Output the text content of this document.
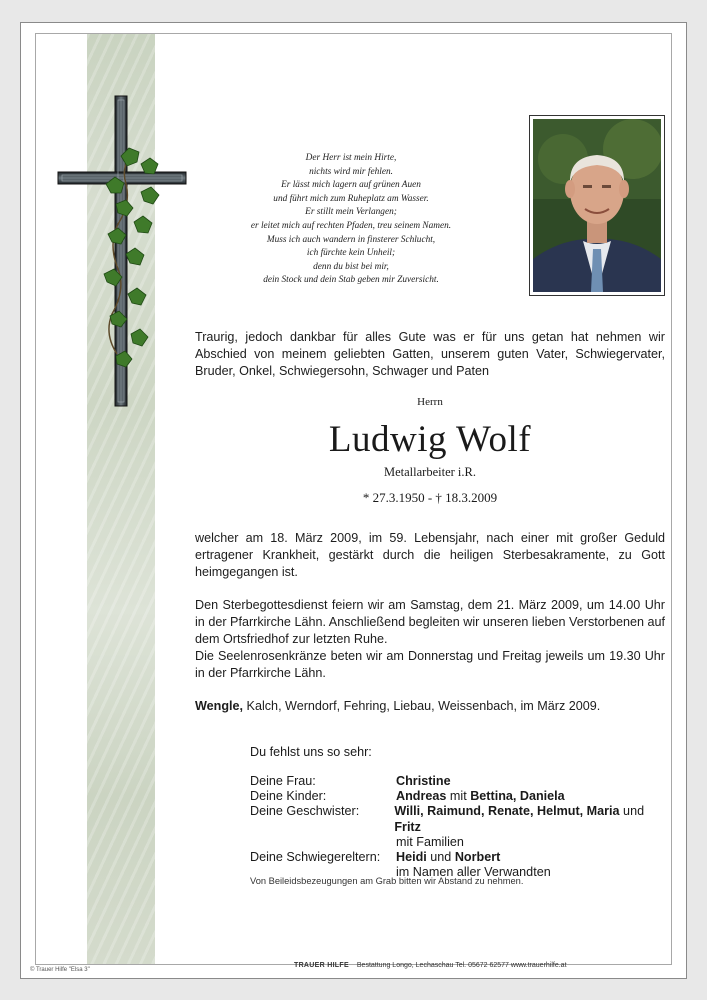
Der Herr ist mein Hirte,
nichts wird mir fehlen.
Er lässt mich lagern auf grünen Auen
und führt mich zum Ruheplatz am Wasser.
Er stillt mein Verlangen;
er leitet mich auf rechten Pfaden, treu seinem Namen.
Muss ich auch wandern in finsterer Schlucht,
ich fürchte kein Unheil;
denn du bist bei mir,
dein Stock und dein Stab geben mir Zuversicht.
Traurig, jedoch dankbar für alles Gute was er für uns getan hat nehmen wir Abschied von meinem geliebten Gatten, unserem guten Vater, Schwiegervater, Bruder, Onkel, Schwiegersohn, Schwager und Paten
Herrn
Ludwig Wolf
Metallarbeiter i.R.
* 27.3.1950 - † 18.3.2009
welcher am 18. März 2009, im 59. Lebensjahr, nach einer mit großer Geduld ertragener Krankheit, gestärkt durch die heiligen Sterbesakramente, zu Gott heimgegangen ist.
Den Sterbegottesdienst feiern wir am Samstag, dem 21. März 2009, um 14.00 Uhr in der Pfarrkirche Lähn. Anschließend begleiten wir unseren lieben Verstorbenen auf dem Ortsfriedhof zur letzten Ruhe.
Die Seelenrosenkränze beten wir am Donnerstag und Freitag jeweils um 19.30 Uhr in der Pfarrkirche Lähn.
Wengle, Kalch, Werndorf, Fehring, Liebau, Weissenbach, im März 2009.
Du fehlst uns so sehr:
Deine Frau:	Christine
Deine Kinder:	Andreas mit Bettina, Daniela
Deine Geschwister:	Willi, Raimund, Renate, Helmut, Maria und Fritz
mit Familien
Deine Schwiegereltern:	Heidi und Norbert
im Namen aller Verwandten
Von Beileidsbezeugungen am Grab bitten wir Abstand zu nehmen.
TRAUER HILFE Bestattung Longo, Lechaschau Tel. 05672 62577 www.trauerhilfe.at
© Trauer Hilfe "Elsa 3"
